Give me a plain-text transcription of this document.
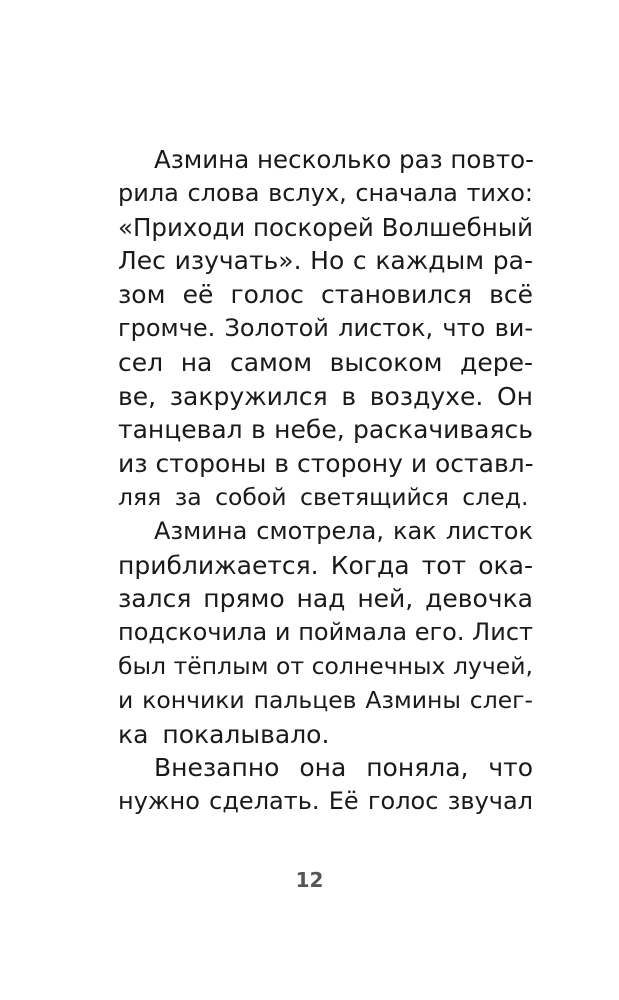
Азмина несколько раз повто-
рила слова вслух, сначала тихо:
«Приходи поскорей Волшебный
Лес изучать». Но с каждым ра-
зом её голос становился всё
громче. Золотой листок, что ви-
сел на самом высоком дере-
ве, закружился в воздухе. Он
танцевал в небе, раскачиваясь
из стороны в сторону и оставл-
ляя за собой светящийся след.
Азмина смотрела, как листок
приближается. Когда тот ока-
зался прямо над ней, девочка
подскочила и поймала его. Лист
был тёплым от солнечных лучей,
и кончики пальцев Азмины слег-
ка покалывало.
Внезапно она поняла, что
нужно сделать. Её голос звучал
12
